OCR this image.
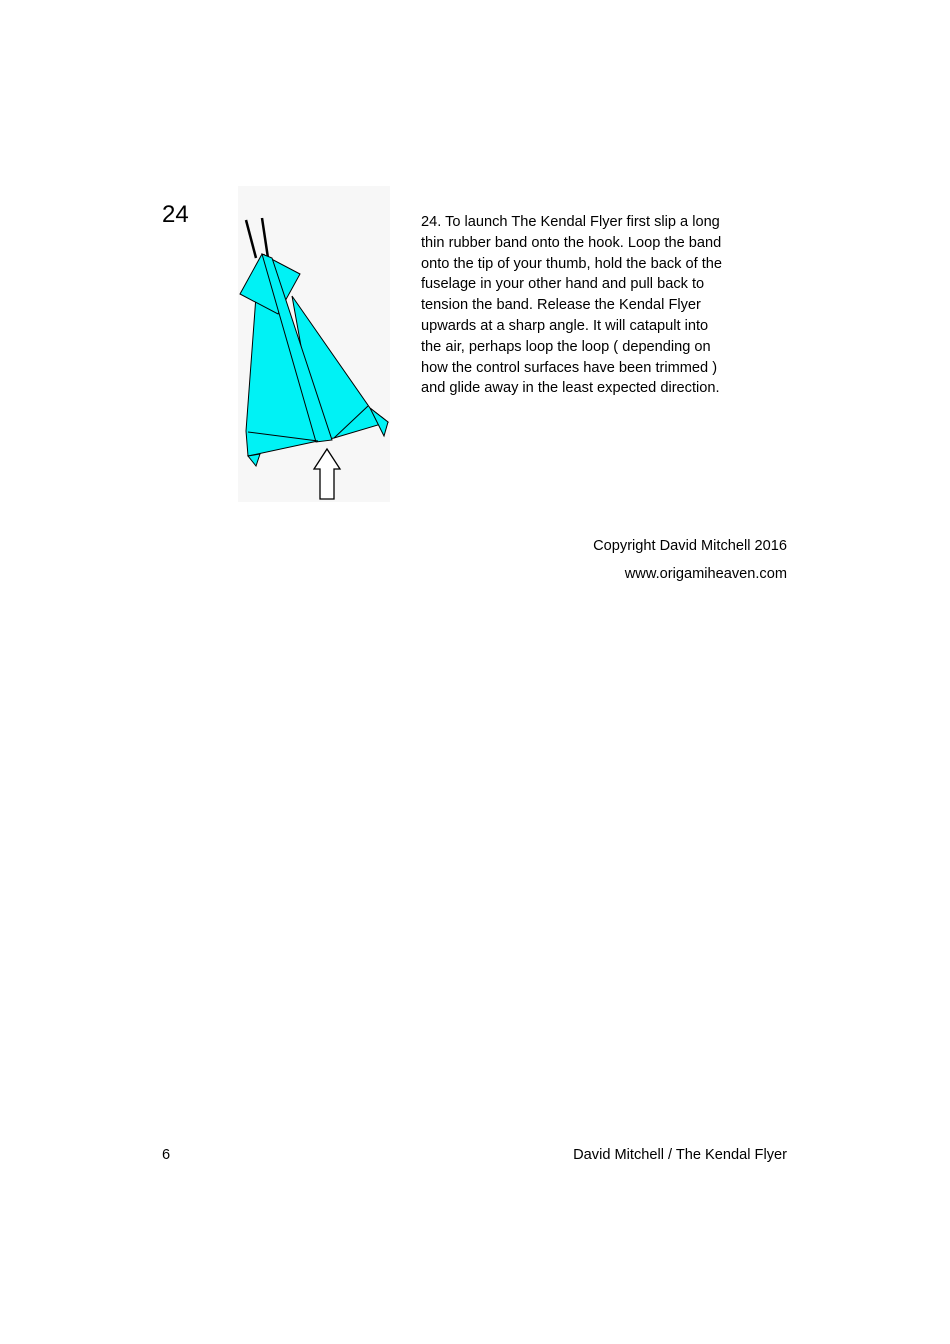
24	24. To launch The Kendal Flyer first slip a long thin rubber band onto the hook. Loop the band onto the tip of your thumb, hold the back of the fuselage in your other hand and pull back to tension the band. Release the Kendal Flyer upwards at a sharp angle. It will catapult into the air, perhaps loop the loop ( depending on how the control surfaces have been trimmed ) and glide away in the least expected direction.

Copyright David Mitchell 2016
www.origamiheaven.com
6	David Mitchell / The Kendal Flyer
